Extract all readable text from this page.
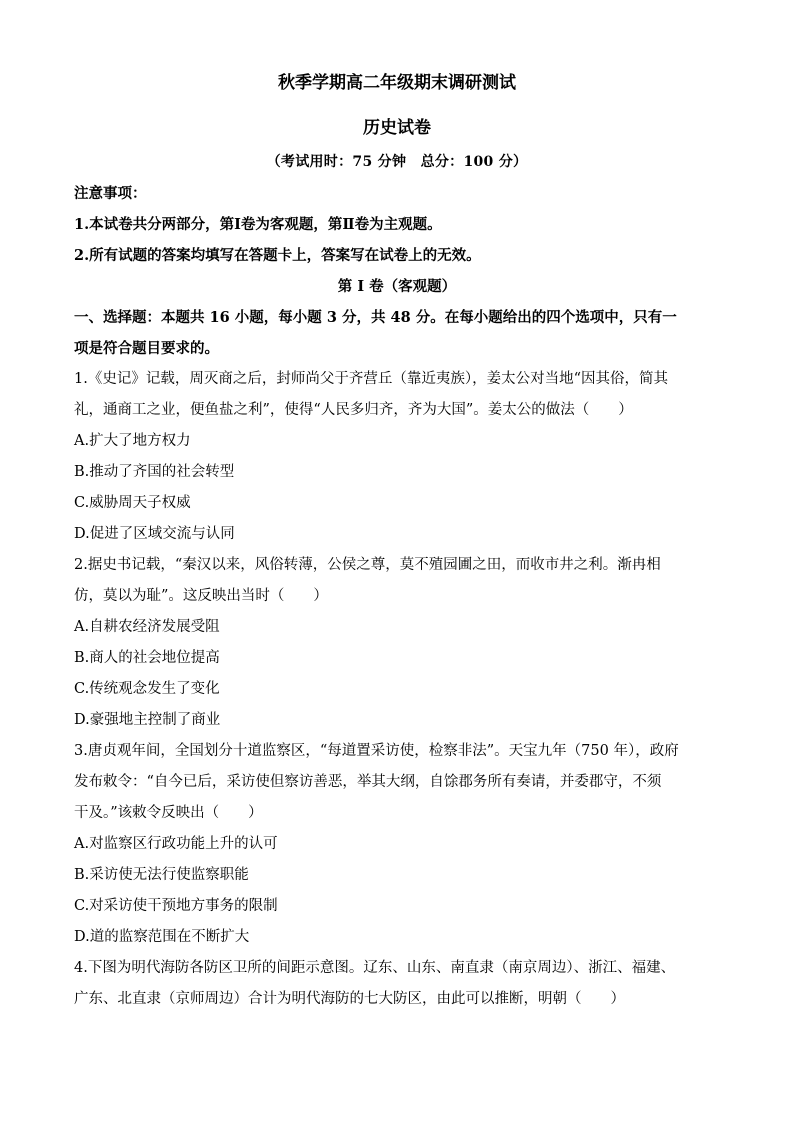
秋季学期高二年级期末调研测试
历史试卷
（考试用时：75 分钟　总分：100 分）
注意事项：
1.本试卷共分两部分，第Ⅰ卷为客观题，第Ⅱ卷为主观题。
2.所有试题的答案均填写在答题卡上，答案写在试卷上的无效。
第 Ⅰ 卷（客观题）
一、选择题：本题共 16 小题，每小题 3 分，共 48 分。在每小题给出的四个选项中，只有一
项是符合题目要求的。
1.《史记》记载，周灭商之后，封师尚父于齐营丘（靠近夷族），姜太公对当地“因其俗，简其
礼，通商工之业，便鱼盐之利”，使得“人民多归齐，齐为大国”。姜太公的做法（　　）
A.扩大了地方权力
B.推动了齐国的社会转型
C.威胁周天子权威
D.促进了区域交流与认同
2.据史书记载，“秦汉以来，风俗转薄，公侯之尊，莫不殖园圃之田，而收市井之利。渐冉相
仿，莫以为耻”。这反映出当时（　　）
A.自耕农经济发展受阻
B.商人的社会地位提高
C.传统观念发生了变化
D.豪强地主控制了商业
3.唐贞观年间，全国划分十道监察区，“每道置采访使，检察非法”。天宝九年（750 年），政府
发布敕令：“自今已后，采访使但察访善恶，举其大纲，自馀郡务所有奏请，并委郡守，不须
干及。”该敕令反映出（　　）
A.对监察区行政功能上升的认可
B.采访使无法行使监察职能
C.对采访使干预地方事务的限制
D.道的监察范围在不断扩大
4.下图为明代海防各防区卫所的间距示意图。辽东、山东、南直隶（南京周边）、浙江、福建、
广东、北直隶（京师周边）合计为明代海防的七大防区，由此可以推断，明朝（　　）
